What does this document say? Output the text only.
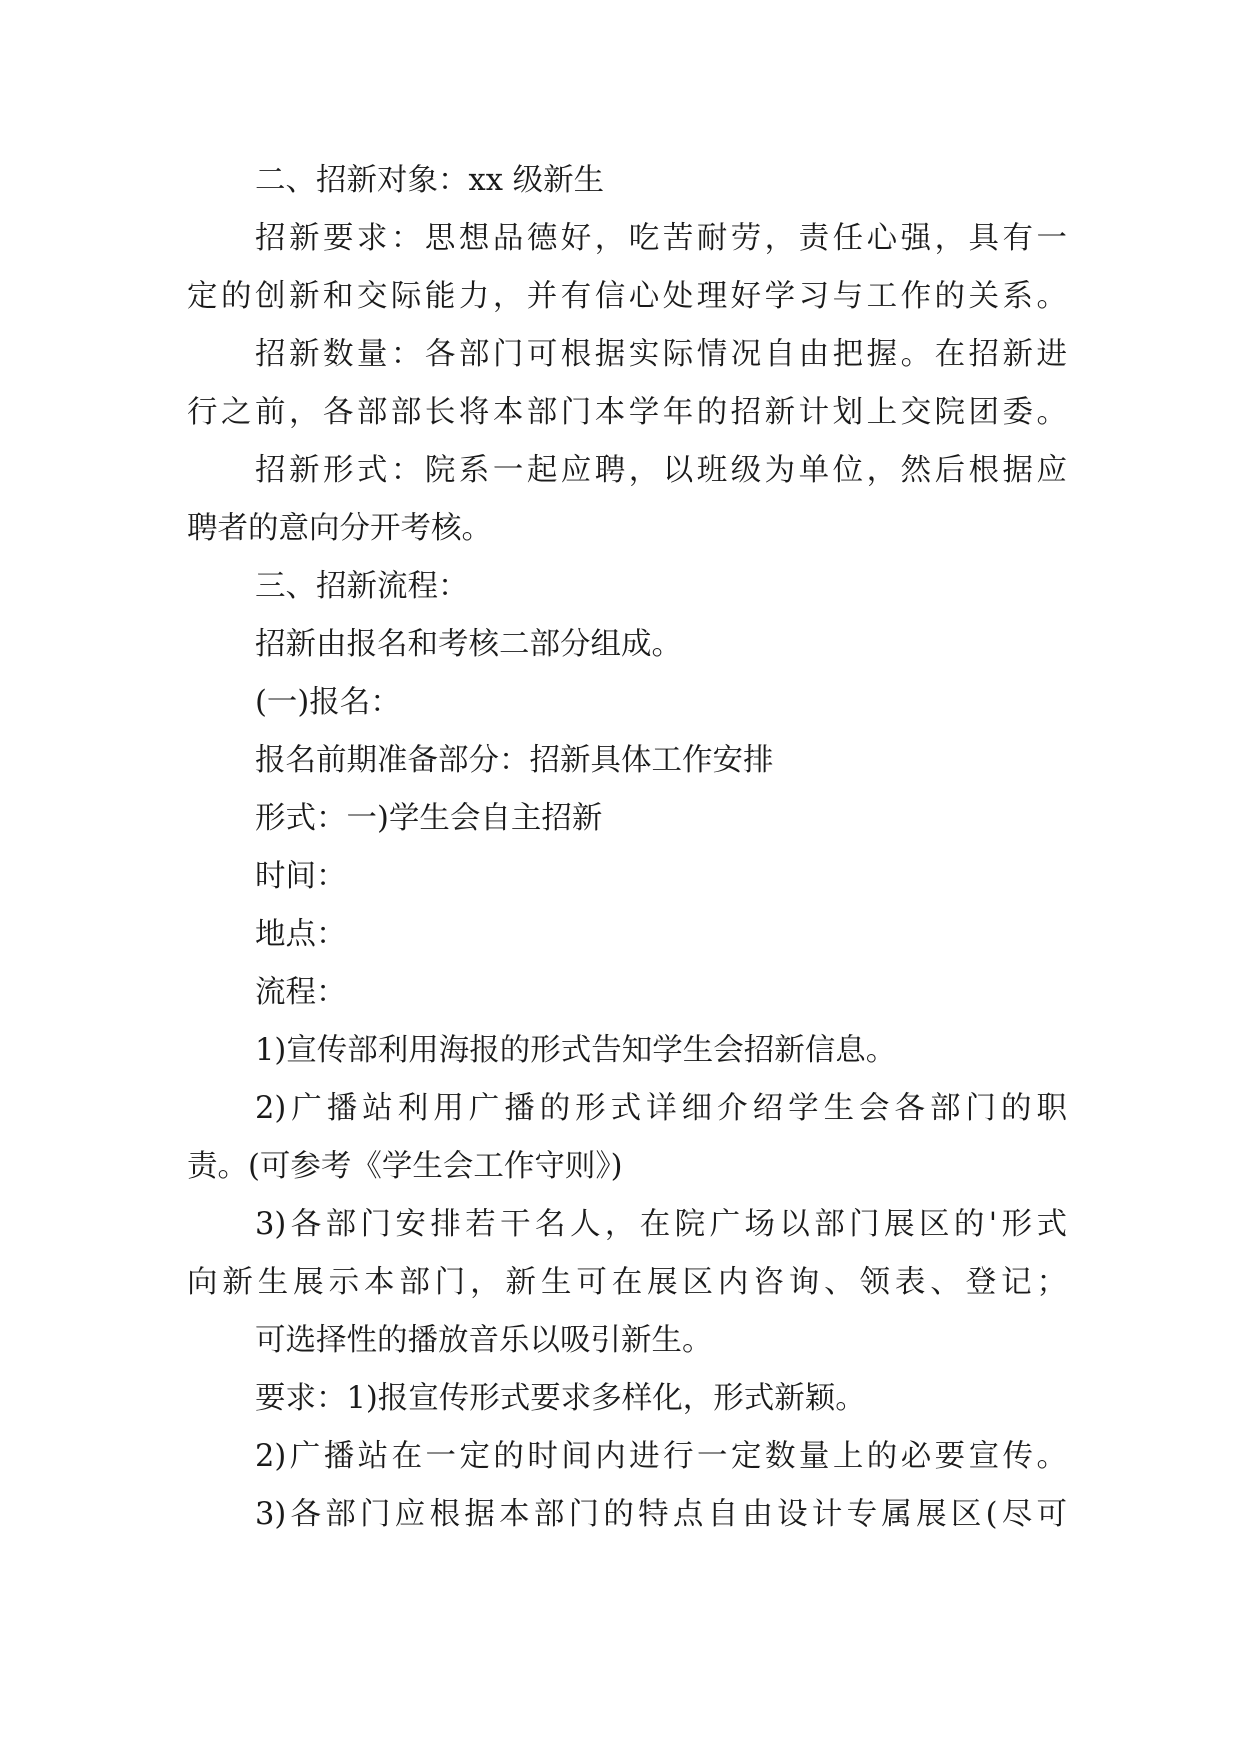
二、招新对象：xx 级新生
招新要求：思想品德好，吃苦耐劳，责任心强，具有一
定的创新和交际能力，并有信心处理好学习与工作的关系。
招新数量：各部门可根据实际情况自由把握。在招新进
行之前，各部部长将本部门本学年的招新计划上交院团委。
招新形式：院系一起应聘，以班级为单位，然后根据应
聘者的意向分开考核。
三、招新流程：
招新由报名和考核二部分组成。
(一)报名：
报名前期准备部分：招新具体工作安排
形式：一)学生会自主招新
时间：
地点：
流程：
1)宣传部利用海报的形式告知学生会招新信息。
2)广播站利用广播的形式详细介绍学生会各部门的职
责。(可参考《学生会工作守则》)
3)各部门安排若干名人，在院广场以部门展区的'形式
向新生展示本部门，新生可在展区内咨询、领表、登记；
可选择性的播放音乐以吸引新生。
要求：1)报宣传形式要求多样化，形式新颖。
2)广播站在一定的时间内进行一定数量上的必要宣传。
3)各部门应根据本部门的特点自由设计专属展区(尽可
